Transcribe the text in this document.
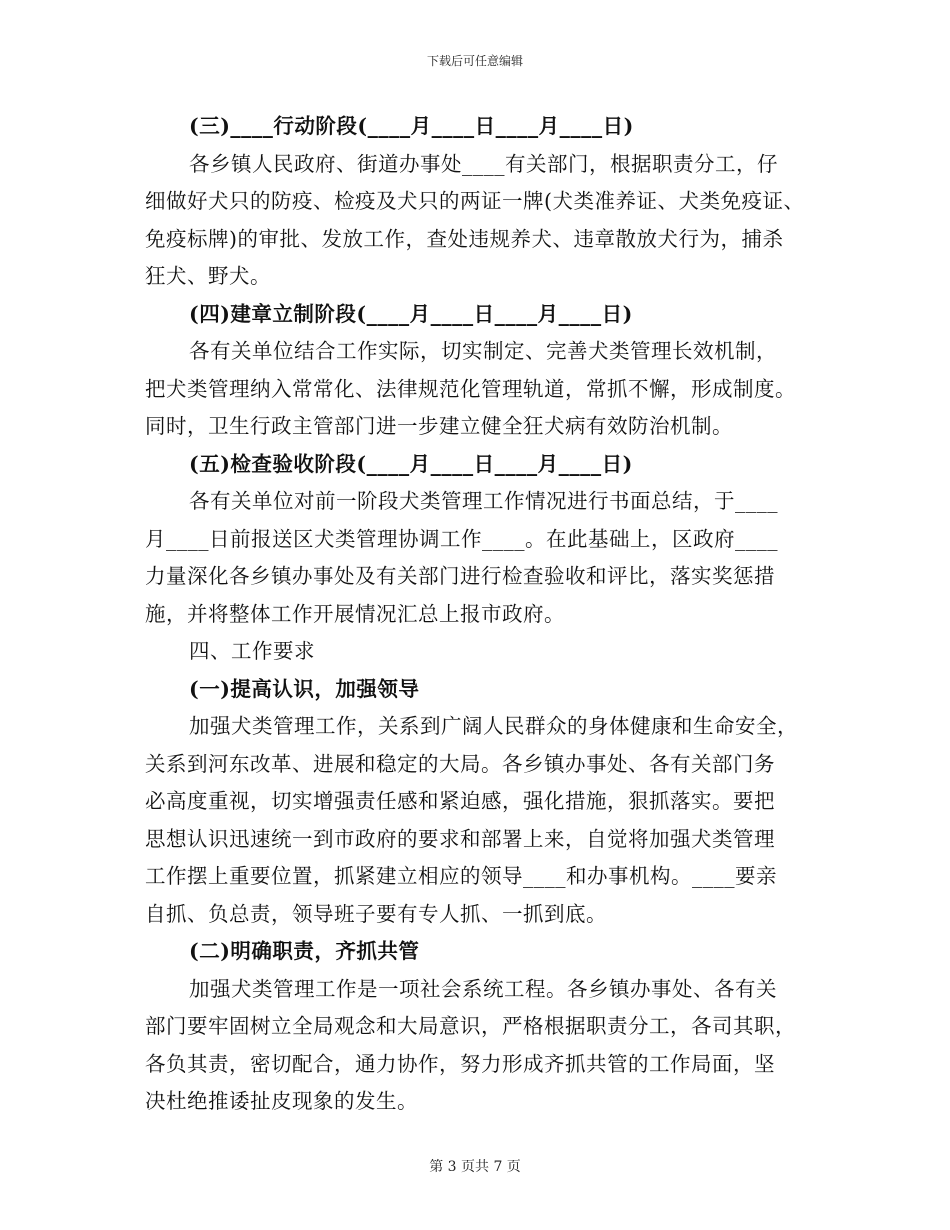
下载后可任意编辑
(三)____行动阶段(____月____日____月____日)
各乡镇人民政府、街道办事处____有关部门，根据职责分工，仔
细做好犬只的防疫、检疫及犬只的两证一牌(犬类准养证、犬类免疫证、
免疫标牌)的审批、发放工作，查处违规养犬、违章散放犬行为，捕杀
狂犬、野犬。
(四)建章立制阶段(____月____日____月____日)
各有关单位结合工作实际，切实制定、完善犬类管理长效机制，
把犬类管理纳入常常化、法律规范化管理轨道，常抓不懈，形成制度。
同时，卫生行政主管部门进一步建立健全狂犬病有效防治机制。
(五)检查验收阶段(____月____日____月____日)
各有关单位对前一阶段犬类管理工作情况进行书面总结，于____
月____日前报送区犬类管理协调工作____。在此基础上，区政府____
力量深化各乡镇办事处及有关部门进行检查验收和评比，落实奖惩措
施，并将整体工作开展情况汇总上报市政府。
四、工作要求
(一)提高认识，加强领导
加强犬类管理工作，关系到广阔人民群众的身体健康和生命安全，
关系到河东改革、进展和稳定的大局。各乡镇办事处、各有关部门务
必高度重视，切实增强责任感和紧迫感，强化措施，狠抓落实。要把
思想认识迅速统一到市政府的要求和部署上来，自觉将加强犬类管理
工作摆上重要位置，抓紧建立相应的领导____和办事机构。____要亲
自抓、负总责，领导班子要有专人抓、一抓到底。
(二)明确职责，齐抓共管
加强犬类管理工作是一项社会系统工程。各乡镇办事处、各有关
部门要牢固树立全局观念和大局意识，严格根据职责分工，各司其职，
各负其责，密切配合，通力协作，努力形成齐抓共管的工作局面，坚
决杜绝推诿扯皮现象的发生。
第 3 页共 7 页
